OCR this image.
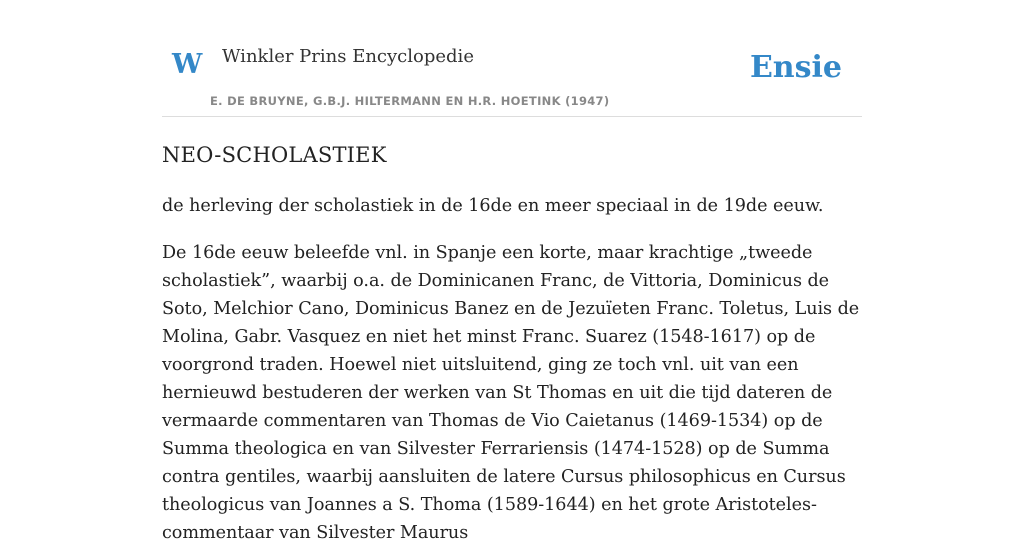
W Winkler Prins Encyclopedie
E. DE BRUYNE, G.B.J. HILTERMANN EN H.R. HOETINK (1947)
Ensie
NEO-SCHOLASTIEK

de herleving der scholastiek in de 16de en meer speciaal in de 19de eeuw.

De 16de eeuw beleefde vnl. in Spanje een korte, maar krachtige „tweede scholastiek”, waarbij o.a. de Dominicanen Franc, de Vittoria, Dominicus de Soto, Melchior Cano, Dominicus Banez en de Jezuïeten Franc. Toletus, Luis de Molina, Gabr. Vasquez en niet het minst Franc. Suarez (1548-1617) op de voorgrond traden. Hoewel niet uitsluitend, ging ze toch vnl. uit van een hernieuwd bestuderen der werken van St Thomas en uit die tijd dateren de vermaarde commentaren van Thomas de Vio Caietanus (1469-1534) op de Summa theologica en van Silvester Ferrariensis (1474-1528) op de Summa contra gentiles, waarbij aansluiten de latere Cursus philosophicus en Cursus theologicus van Joannes a S. Thoma (1589-1644) en het grote Aristoteles-commentaar van Silvester Maurus
